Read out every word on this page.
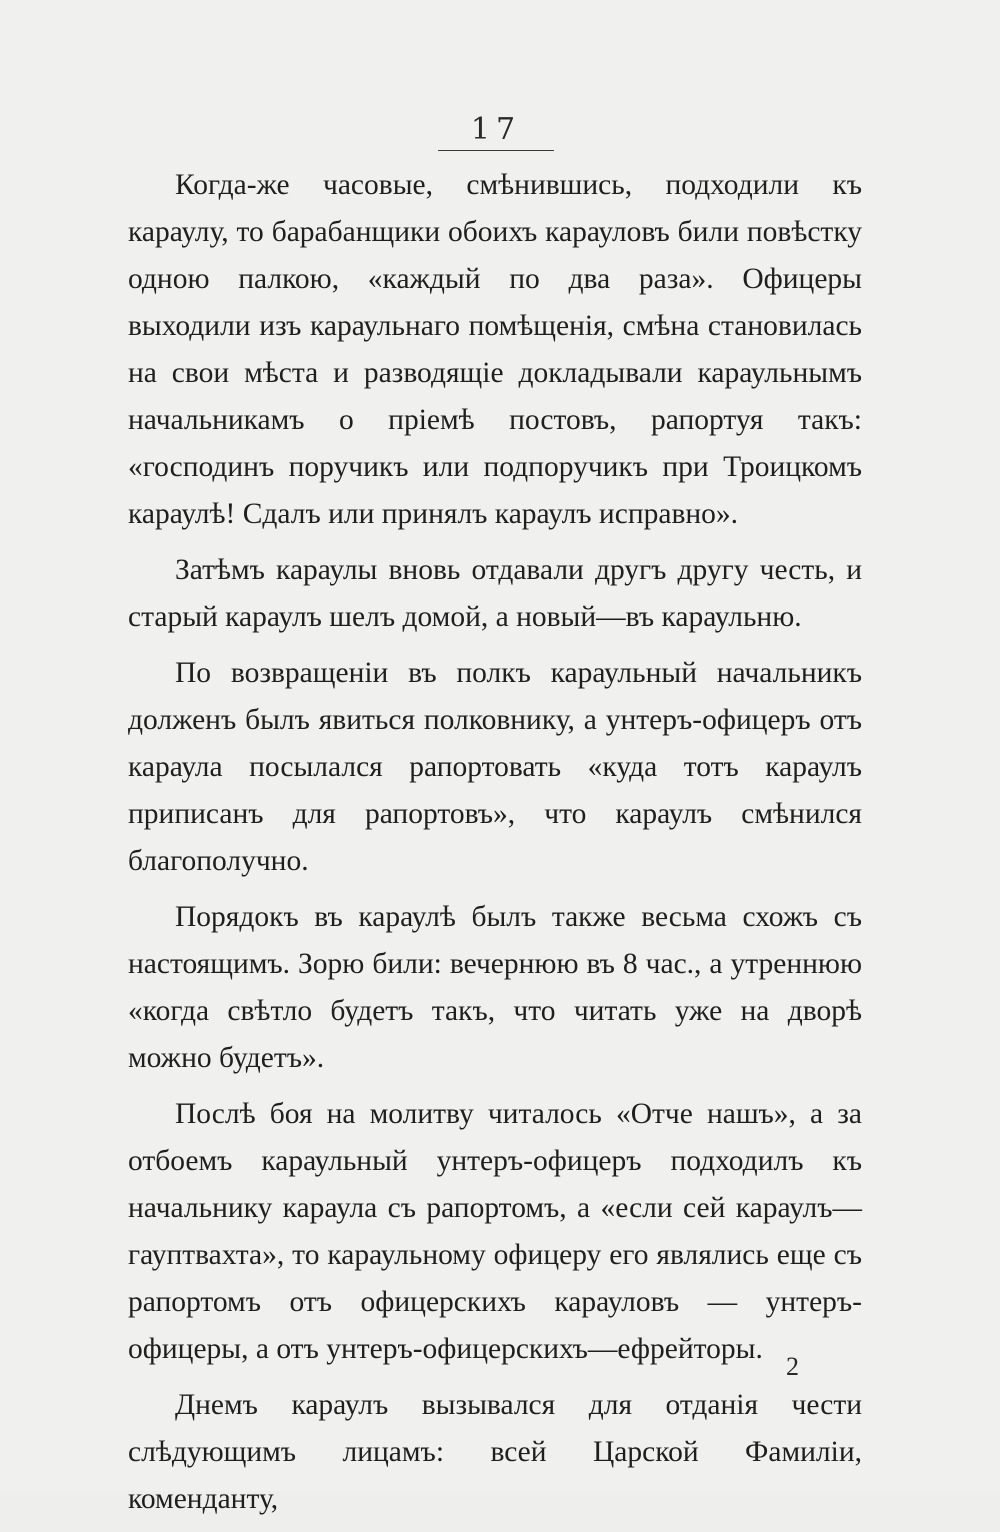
17

Когда-же часовые, смѣнившись, подходили къ караулу, то барабанщики обоихъ карауловъ били повѣстку одною палкою, «каждый по два раза». Офицеры выходили изъ караульнаго помѣщенія, смѣна становилась на свои мѣста и разводящіе докладывали караульнымъ начальникамъ о пріемѣ постовъ, рапортуя такъ: «господинъ поручикъ или подпоручикъ при Троицкомъ караулѣ! Сдалъ или принялъ караулъ исправно».

Затѣмъ караулы вновь отдавали другъ другу честь, и старый караулъ шелъ домой, а новый—въ караульню.

По возвращеніи въ полкъ караульный начальникъ долженъ былъ явиться полковнику, а унтеръ-офицеръ отъ караула посылался рапортовать «куда тотъ караулъ приписанъ для рапортовъ», что караулъ смѣнился благополучно.

Порядокъ въ караулѣ былъ также весьма схожъ съ настоящимъ. Зорю били: вечернюю въ 8 час., а утреннюю «когда свѣтло будетъ такъ, что читать уже на дворѣ можно будетъ».

Послѣ боя на молитву читалось «Отче нашъ», а за отбоемъ караульный унтеръ-офицеръ подходилъ къ начальнику караула съ рапортомъ, а «если сей караулъ—гауптвахта», то караульному офицеру его являлись еще съ рапортомъ отъ офицерскихъ карауловъ — унтеръ-офицеры, а отъ унтеръ-офицерскихъ—ефрейторы.

Днемъ караулъ вызывался для отданія чести слѣдующимъ лицамъ: всей Царской Фамиліи, коменданту,

2
